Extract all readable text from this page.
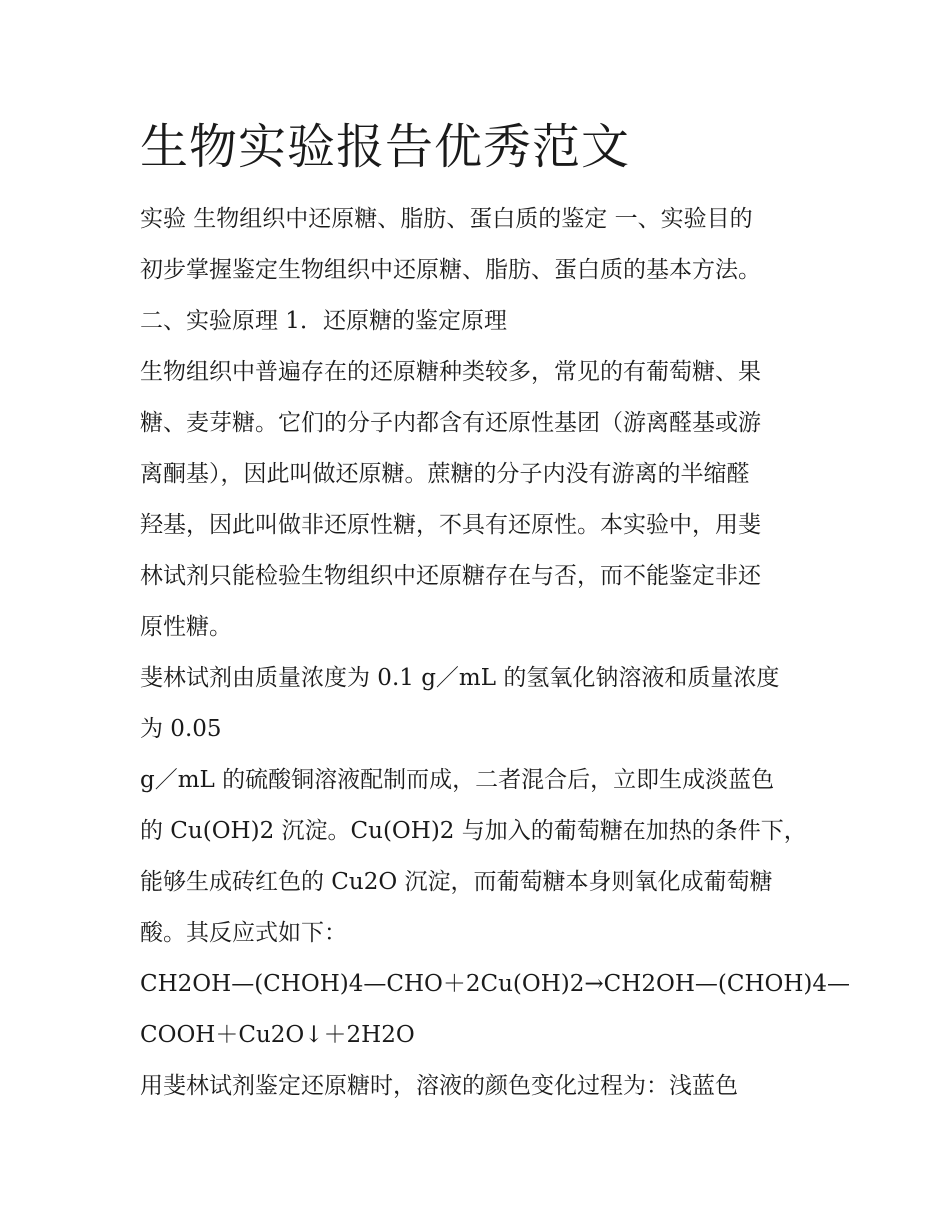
生物实验报告优秀范文
实验 生物组织中还原糖、脂肪、蛋白质的鉴定 一、实验目的
初步掌握鉴定生物组织中还原糖、脂肪、蛋白质的基本方法。
二、实验原理 1．还原糖的鉴定原理
生物组织中普遍存在的还原糖种类较多，常见的有葡萄糖、果
糖、麦芽糖。它们的分子内都含有还原性基团（游离醛基或游
离酮基），因此叫做还原糖。蔗糖的分子内没有游离的半缩醛
羟基，因此叫做非还原性糖，不具有还原性。本实验中，用斐
林试剂只能检验生物组织中还原糖存在与否，而不能鉴定非还
原性糖。
斐林试剂由质量浓度为 0.1 g／mL 的氢氧化钠溶液和质量浓度
为 0.05
g／mL 的硫酸铜溶液配制而成，二者混合后，立即生成淡蓝色
的 Cu(OH)2 沉淀。Cu(OH)2 与加入的葡萄糖在加热的条件下，
能够生成砖红色的 Cu2O 沉淀，而葡萄糖本身则氧化成葡萄糖
酸。其反应式如下：
CH2OH—(CHOH)4—CHO＋2Cu(OH)2→CH2OH—(CHOH)4—
COOH＋Cu2O↓＋2H2O
用斐林试剂鉴定还原糖时，溶液的颜色变化过程为：浅蓝色
